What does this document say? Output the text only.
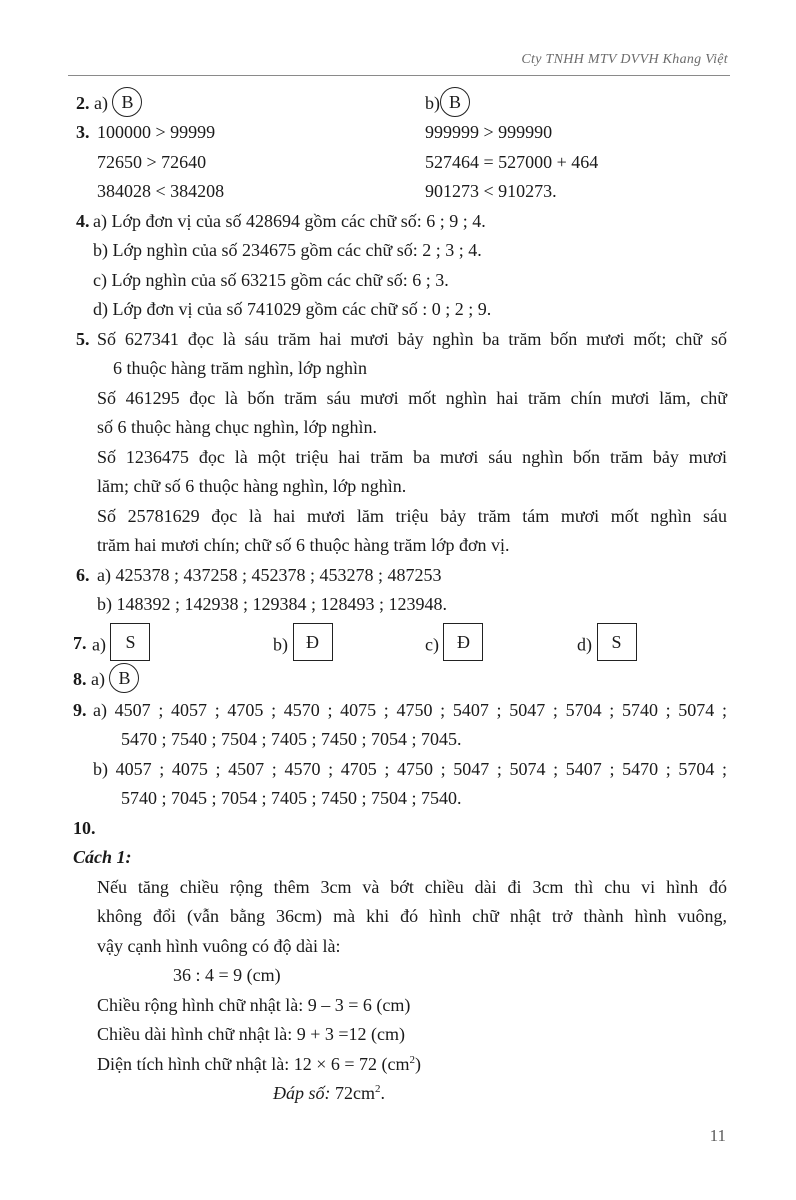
Cty TNHH MTV DVVH Khang Việt
2. a) B	b) B
3. 100000 > 99999	999999 > 999990
72650 > 72640	527464 = 527000 + 464
384028 < 384208	901273 < 910273.
4. a) Lớp đơn vị của số 428694 gồm các chữ số: 6 ; 9 ; 4.
b) Lớp nghìn của số 234675 gồm các chữ số: 2 ; 3 ; 4.
c) Lớp nghìn của số 63215 gồm các chữ số: 6 ; 3.
d) Lớp đơn vị của số 741029 gồm các chữ số : 0 ; 2 ; 9.
5. Số 627341 đọc là sáu trăm hai mươi bảy nghìn ba trăm bốn mươi mốt; chữ số
6 thuộc hàng trăm nghìn, lớp nghìn
Số 461295 đọc là bốn trăm sáu mươi mốt nghìn hai trăm chín mươi lăm, chữ
số 6 thuộc hàng chục nghìn, lớp nghìn.
Số 1236475 đọc là một triệu hai trăm ba mươi sáu nghìn bốn trăm bảy mươi
lăm; chữ số 6 thuộc hàng nghìn, lớp nghìn.
Số 25781629 đọc là hai mươi lăm triệu bảy trăm tám mươi mốt nghìn sáu
trăm hai mươi chín; chữ số 6 thuộc hàng trăm lớp đơn vị.
6. a) 425378 ; 437258 ; 452378 ; 453278 ; 487253
b) 148392 ; 142938 ; 129384 ; 128493 ; 123948.
7. a) S	b) Đ	c) Đ	d) S
8. a) B
9. a) 4507 ; 4057 ; 4705 ; 4570 ; 4075 ; 4750 ; 5407 ; 5047 ; 5704 ; 5740 ; 5074 ;
5470 ; 7540 ; 7504 ; 7405 ; 7450 ; 7054 ; 7045.
b) 4057 ; 4075 ; 4507 ; 4570 ; 4705 ; 4750 ; 5047 ; 5074 ; 5407 ; 5470 ; 5704 ;
5740 ; 7045 ; 7054 ; 7405 ; 7450 ; 7504 ; 7540.
10.
Cách 1:
Nếu tăng chiều rộng thêm 3cm và bớt chiều dài đi 3cm thì chu vi hình đó
không đổi (vẫn bằng 36cm) mà khi đó hình chữ nhật trở thành hình vuông,
vậy cạnh hình vuông có độ dài là:
36 : 4 = 9 (cm)
Chiều rộng hình chữ nhật là: 9 – 3 = 6 (cm)
Chiều dài hình chữ nhật là: 9 + 3 =12 (cm)
Diện tích hình chữ nhật là: 12 × 6 = 72 $(cm^2)$
Đáp số: $72cm^2$.
11
